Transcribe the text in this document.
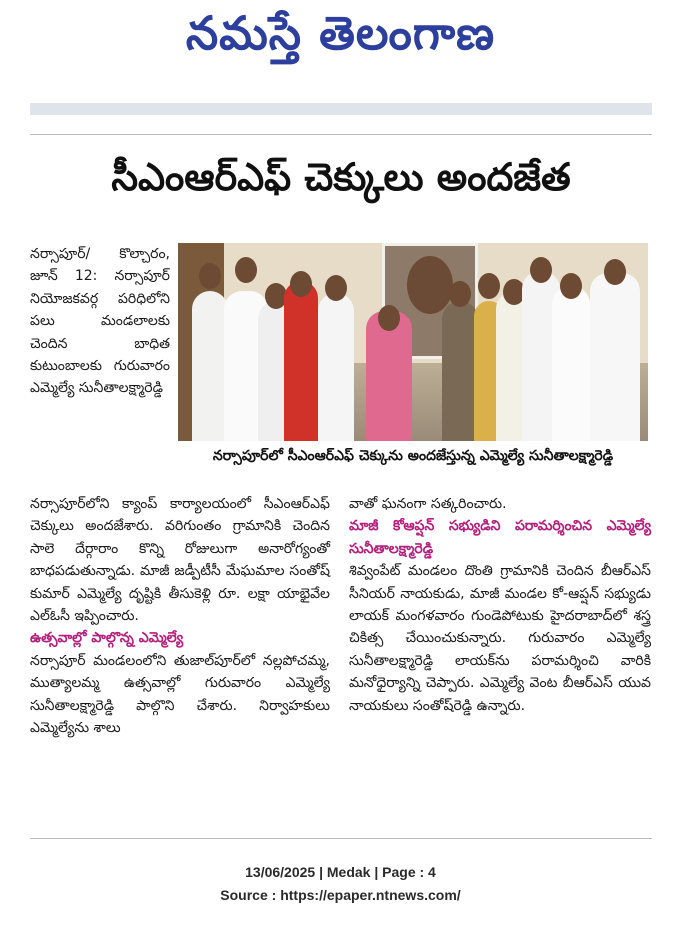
నమస్తే తెలంగాణ
సీఎంఆర్‌ఎఫ్ చెక్కులు అందజేత

నర్సాపూర్/ కొల్చారం, జూన్ 12: నర్సాపూర్ నియోజకవర్గ పరిధిలోని పలు మండలాలకు చెందిన బాధిత కుటుంబాలకు గురువారం ఎమ్మెల్యే సునీతాలక్ష్మారెడ్డి

నర్సాపూర్‌లో సీఎంఆర్‌ఎఫ్ చెక్కును అందజేస్తున్న ఎమ్మెల్యే సునీతాలక్ష్మారెడ్డి

నర్సాపూర్‌లోని క్యాంప్ కార్యాలయంలో సీఎంఆర్‌ఎఫ్ చెక్కులు అందజేశారు. వరిగుంతం గ్రామానికి చెందిన సాలె దేర్గారాం కొన్ని రోజులుగా అనారోగ్యంతో బాధపడుతున్నాడు. మాజీ జడ్పీటీసీ మేఘమాల సంతోష్ కుమార్ ఎమ్మెల్యే దృష్టికి తీసుకెళ్లి రూ. లక్షా యాభైవేల ఎల్‌ఓసీ ఇప్పించారు.

ఉత్సవాల్లో పాల్గొన్న ఎమ్మెల్యే

నర్సాపూర్ మండలంలోని తుజాల్‌పూర్‌లో నల్లపోచమ్మ, ముత్యాలమ్మ ఉత్సవాల్లో గురువారం ఎమ్మెల్యే సునీతాలక్ష్మారెడ్డి పాల్గొని చేశారు. నిర్వాహకులు ఎమ్మెల్యేను శాలు

వాతో ఘనంగా సత్కరించారు.

మాజీ కోఆప్షన్ సభ్యుడిని పరామర్శించిన ఎమ్మెల్యే సునీతాలక్ష్మారెడ్డి

శివ్వంపేట్ మండలం దొంతి గ్రామానికి చెందిన బీఆర్‌ఎస్ సీనియర్ నాయకుడు, మాజీ మండల కో-ఆప్షన్ సభ్యుడు లాయక్ మంగళవారం గుండెపోటుకు హైదరాబాద్‌లో శస్త్ర చికిత్స చేయించుకున్నారు. గురువారం ఎమ్మెల్యే సునీతాలక్ష్మారెడ్డి లాయక్‌ను పరామర్శించి వారికి మనోధైర్యాన్ని చెప్పారు. ఎమ్మెల్యే వెంట బీఆర్‌ఎస్ యువ నాయకులు సంతోష్‌రెడ్డి ఉన్నారు.

13/06/2025 | Medak | Page : 4
Source : https://epaper.ntnews.com/
